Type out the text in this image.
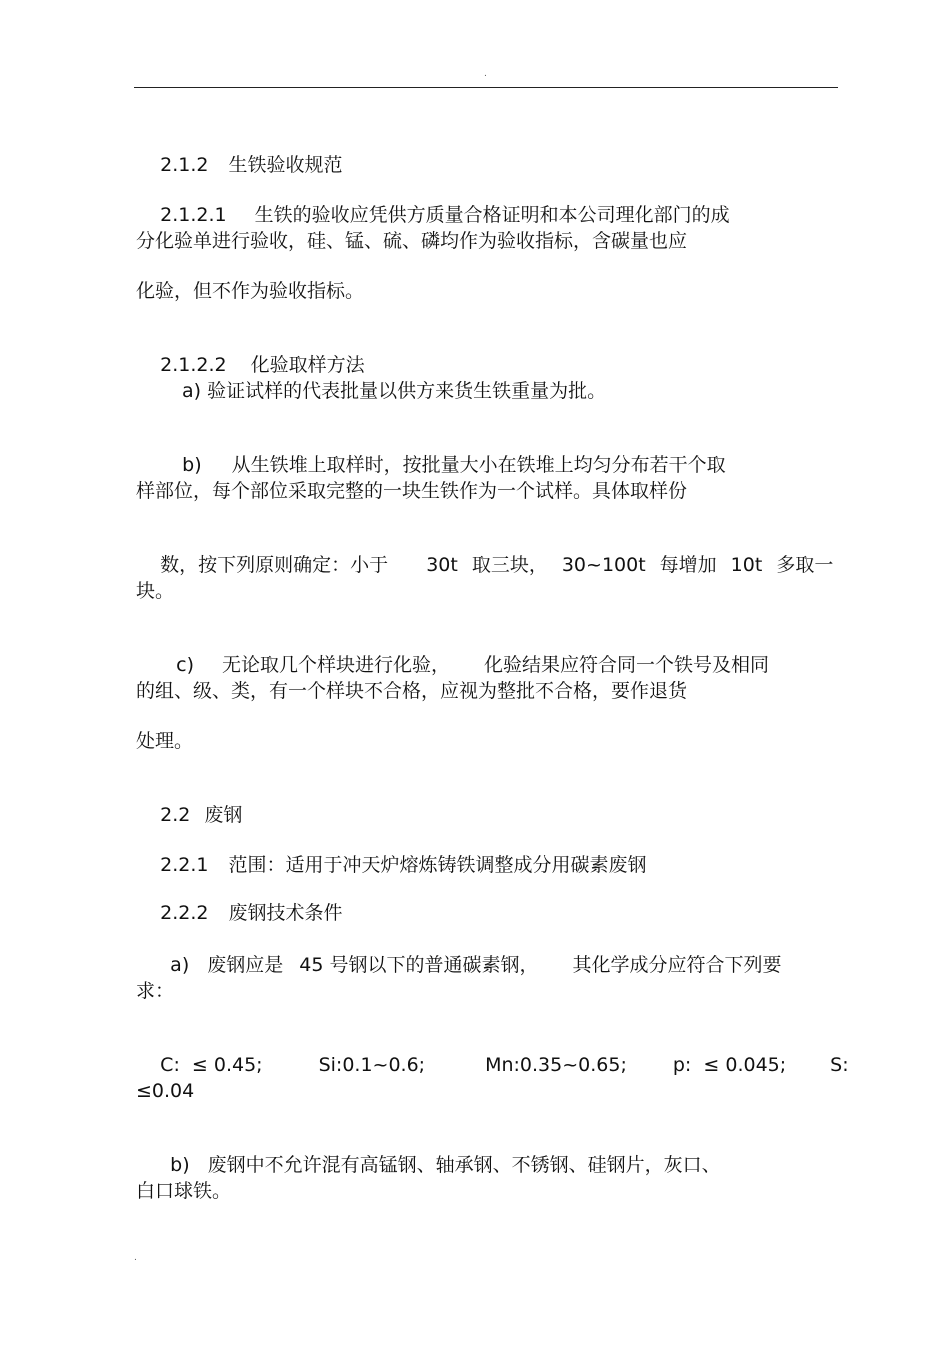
.

2.1.2 生铁验收规范

2.1.2.1 生铁的验收应凭供方质量合格证明和本公司理化部门的成

分化验单进行验收，硅、锰、硫、磷均作为验收指标，含碳量也应
化验，但不作为验收指标。

2.1.2.2 化验取样方法

a) 验证试样的代表批量以供方来货生铁重量为批。

b) 从生铁堆上取样时，按批量大小在铁堆上均匀分布若干个取

样部位，每个部位采取完整的一块生铁作为一个试样。具体取样份

数，按下列原则确定：小于 30t 取三块， 30~100t 每增加 10t 多取一

块。

c) 无论取几个样块进行化验， 化验结果应符合同一个铁号及相同

的组、级、类，有一个样块不合格，应视为整批不合格，要作退货
处理。

2.2 废钢

2.2.1 范围：适用于冲天炉熔炼铸铁调整成分用碳素废钢

2.2.2 废钢技术条件

a) 废钢应是 45 号钢以下的普通碳素钢， 其化学成分应符合下列要

求：

C:  ≤ 0.45;	Si:0.1~0.6;	Mn:0.35~0.65; p:  ≤ 0.045; S:

≤0.04

b) 废钢中不允许混有高锰钢、轴承钢、不锈钢、硅钢片，灰口、

白口球铁。
.
